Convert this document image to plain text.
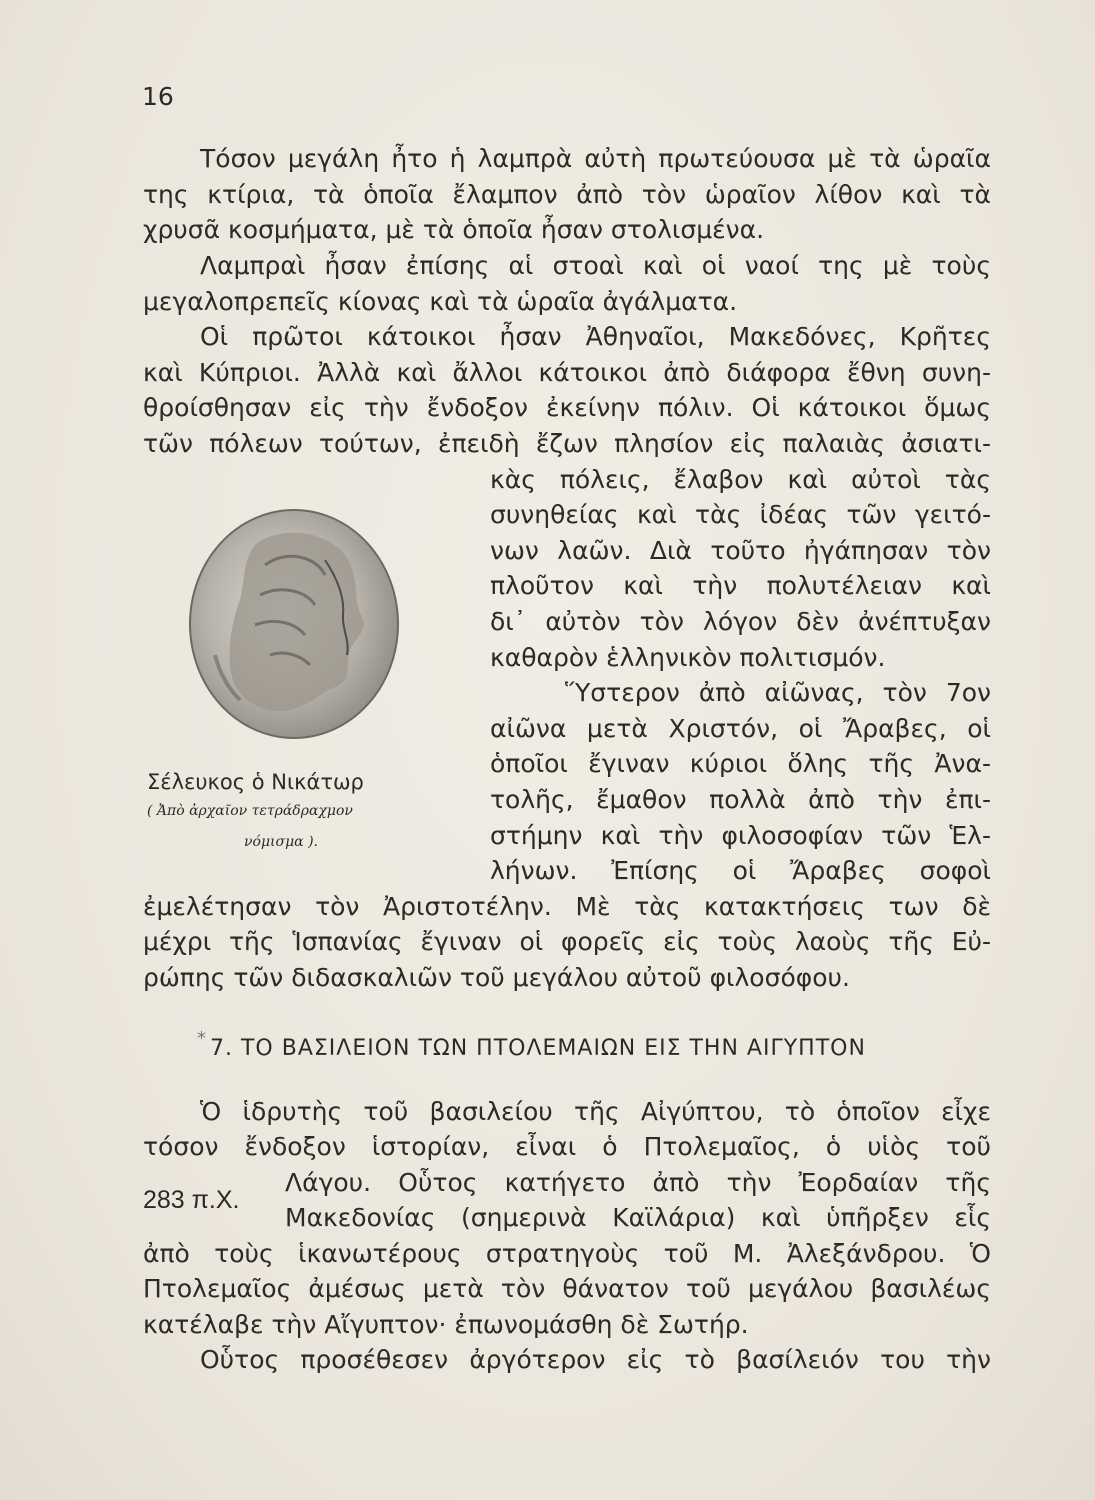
16
Τόσον μεγάλη ἦτο ἡ λαμπρὰ αὐτὴ πρωτεύουσα μὲ τὰ ὡραῖα
της κτίρια, τὰ ὁποῖα ἔλαμπον ἀπὸ τὸν ὡραῖον λίθον καὶ τὰ
χρυσᾶ κοσμήματα, μὲ τὰ ὁποῖα ἦσαν στολισμένα.
Λαμπραὶ ἦσαν ἐπίσης αἱ στοαὶ καὶ οἱ ναοί της μὲ τοὺς
μεγαλοπρεπεῖς κίονας καὶ τὰ ὡραῖα ἀγάλματα.
Οἱ πρῶτοι κάτοικοι ἦσαν Ἀθηναῖοι, Μακεδόνες, Κρῆτες
καὶ Κύπριοι. Ἀλλὰ καὶ ἄλλοι κάτοικοι ἀπὸ διάφορα ἔθνη συνη-
θροίσθησαν εἰς τὴν ἔνδοξον ἐκείνην πόλιν. Οἱ κάτοικοι ὅμως
τῶν πόλεων τούτων, ἐπειδὴ ἔζων πλησίον εἰς παλαιὰς ἀσιατι-
κὰς πόλεις, ἔλαβον καὶ αὐτοὶ τὰς
συνηθείας καὶ τὰς ἰδέας τῶν γειτό-
νων λαῶν. Διὰ τοῦτο ἠγάπησαν τὸν
πλοῦτον καὶ τὴν πολυτέλειαν καὶ
δι᾽ αὐτὸν τὸν λόγον δὲν ἀνέπτυξαν
καθαρὸν ἑλληνικὸν πολιτισμόν.
Ὕστερον ἀπὸ αἰῶνας, τὸν 7ον
αἰῶνα μετὰ Χριστόν, οἱ Ἄραβες, οἱ
ὁποῖοι ἔγιναν κύριοι ὅλης τῆς Ἀνα-
τολῆς, ἔμαθον πολλὰ ἀπὸ τὴν ἐπι-
στήμην καὶ τὴν φιλοσοφίαν τῶν Ἑλ-
λήνων. Ἐπίσης οἱ Ἄραβες σοφοὶ
ἐμελέτησαν τὸν Ἀριστοτέλην. Μὲ τὰς κατακτήσεις των δὲ
μέχρι τῆς Ἱσπανίας ἔγιναν οἱ φορεῖς εἰς τοὺς λαοὺς τῆς Εὐ-
ρώπης τῶν διδασκαλιῶν τοῦ μεγάλου αὐτοῦ φιλοσόφου.
Σέλευκος ὁ Νικάτωρ
( Ἀπὸ ἀρχαῖον τετράδραχμον
νόμισμα ).
* 7. ΤΟ ΒΑΣΙΛΕΙΟΝ ΤΩΝ ΠΤΟΛΕΜΑΙΩΝ ΕΙΣ ΤΗΝ ΑΙΓΥΠΤΟΝ
Ὁ ἱδρυτὴς τοῦ βασιλείου τῆς Αἰγύπτου, τὸ ὁποῖον εἶχε
τόσον ἔνδοξον ἱστορίαν, εἶναι ὁ Πτολεμαῖος, ὁ υἱὸς τοῦ
283 π.Χ.
Λάγου. Οὗτος κατήγετο ἀπὸ τὴν Ἐορδαίαν τῆς
Μακεδονίας (σημερινὰ Καϊλάρια) καὶ ὑπῆρξεν εἷς
ἀπὸ τοὺς ἱκανωτέρους στρατηγοὺς τοῦ Μ. Ἀλεξάνδρου. Ὁ
Πτολεμαῖος ἀμέσως μετὰ τὸν θάνατον τοῦ μεγάλου βασιλέως
κατέλαβε τὴν Αἴγυπτον· ἐπωνομάσθη δὲ Σωτήρ.
Οὗτος προσέθεσεν ἀργότερον εἰς τὸ βασίλειόν του τὴν
